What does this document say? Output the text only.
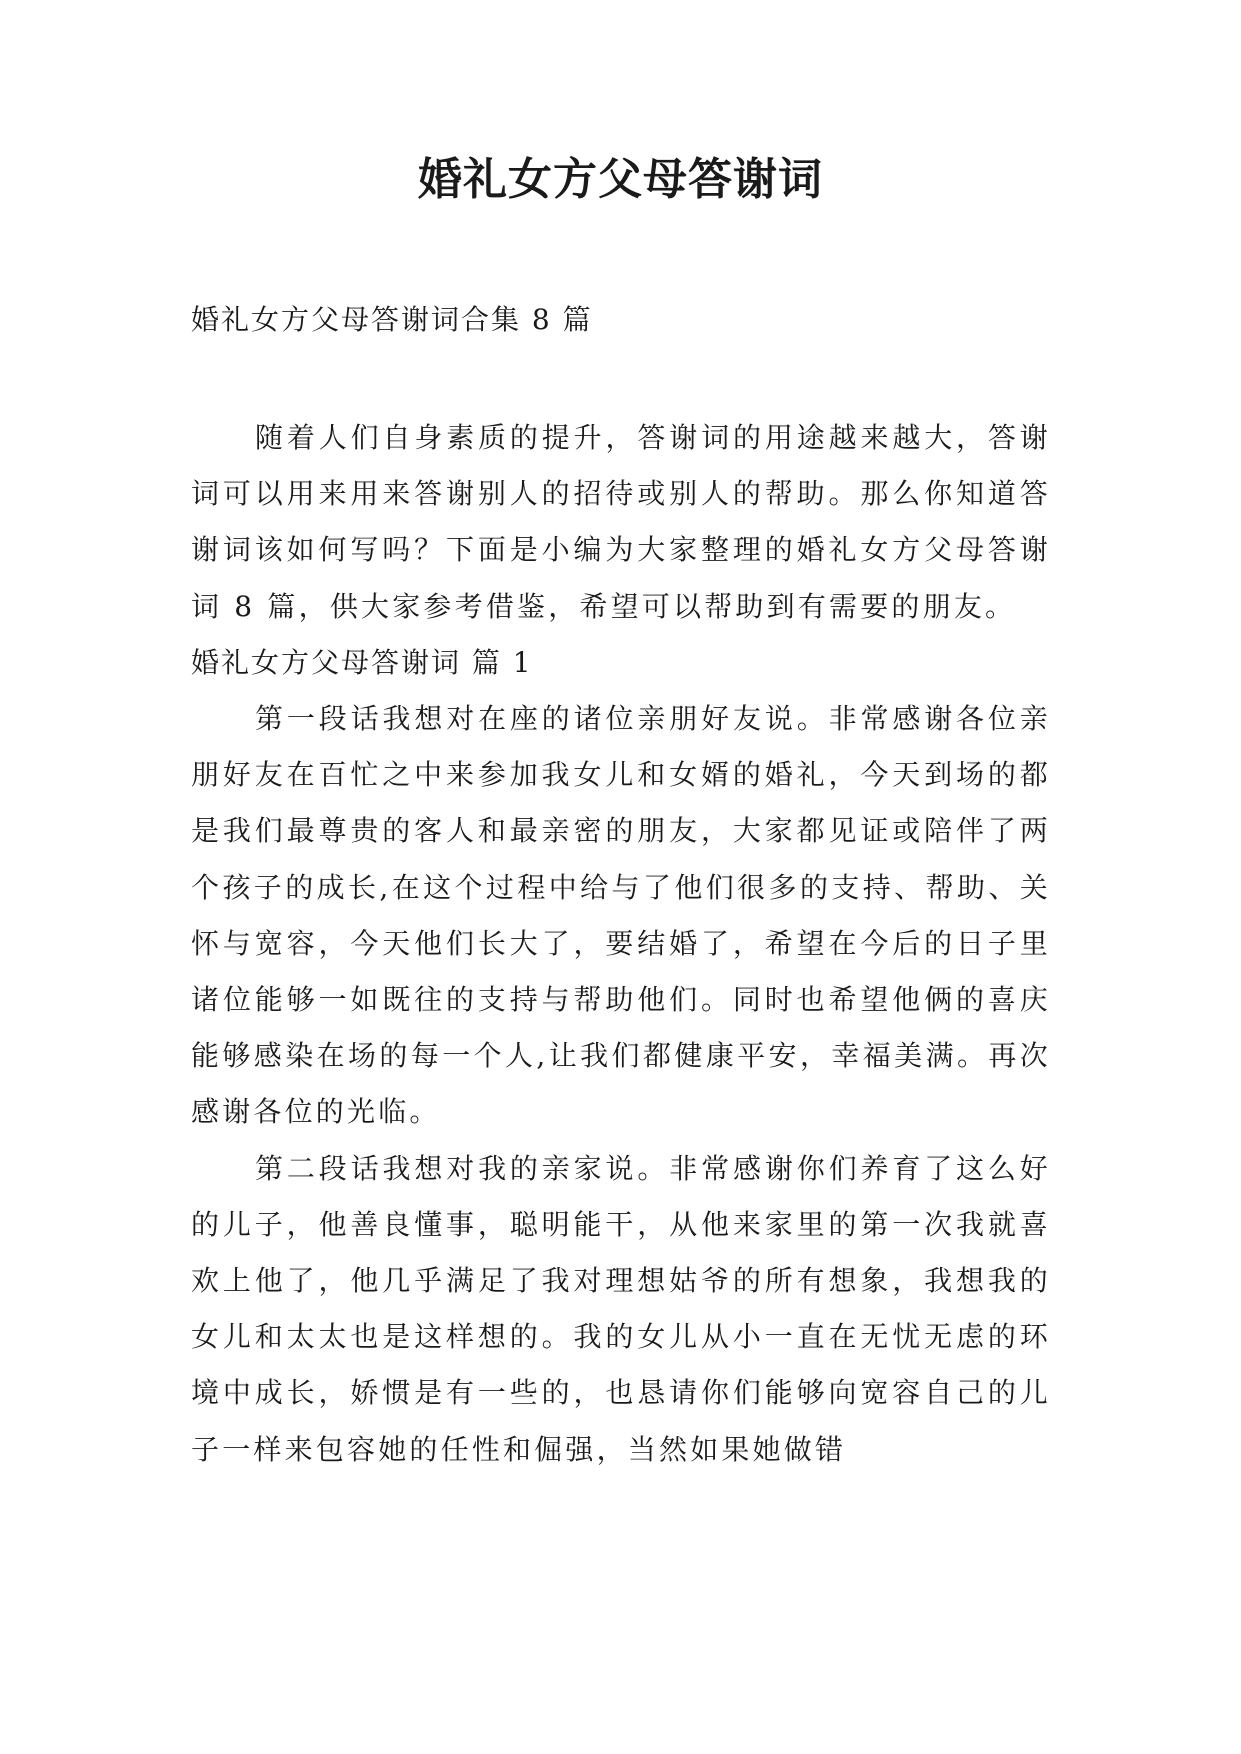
婚礼女方父母答谢词
婚礼女方父母答谢词合集 8 篇

随着人们自身素质的提升，答谢词的用途越来越大，答谢词可以用来用来答谢别人的招待或别人的帮助。那么你知道答谢词该如何写吗？下面是小编为大家整理的婚礼女方父母答谢词 8 篇，供大家参考借鉴，希望可以帮助到有需要的朋友。

婚礼女方父母答谢词 篇 1

第一段话我想对在座的诸位亲朋好友说。非常感谢各位亲朋好友在百忙之中来参加我女儿和女婿的婚礼，今天到场的都是我们最尊贵的客人和最亲密的朋友，大家都见证或陪伴了两个孩子的成长,在这个过程中给与了他们很多的支持、帮助、关怀与宽容，今天他们长大了，要结婚了，希望在今后的日子里诸位能够一如既往的支持与帮助他们。同时也希望他俩的喜庆能够感染在场的每一个人,让我们都健康平安，幸福美满。再次感谢各位的光临。

第二段话我想对我的亲家说。非常感谢你们养育了这么好的儿子，他善良懂事，聪明能干，从他来家里的第一次我就喜欢上他了，他几乎满足了我对理想姑爷的所有想象，我想我的女儿和太太也是这样想的。我的女儿从小一直在无忧无虑的环境中成长，娇惯是有一些的，也恳请你们能够向宽容自己的儿子一样来包容她的任性和倔强，当然如果她做错
